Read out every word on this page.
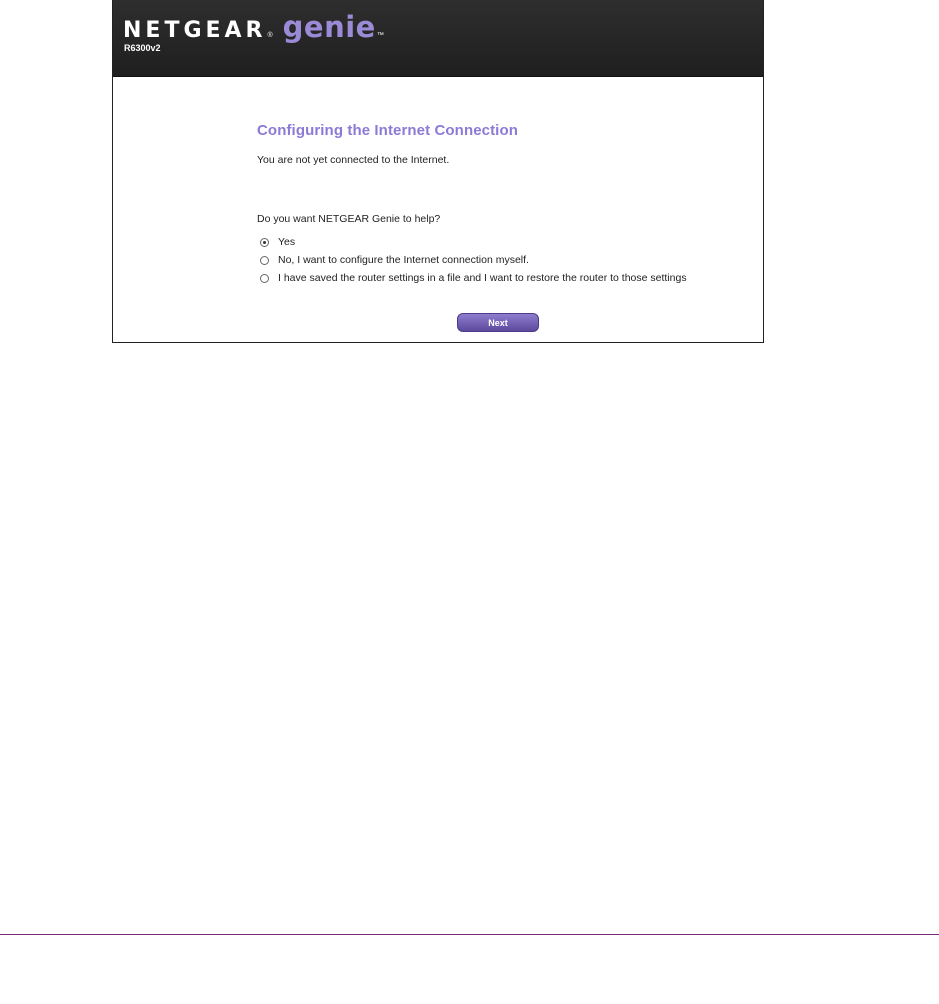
NETGEAR ® genie ™
R6300v2
Configuring the Internet Connection
You are not yet connected to the Internet.
Do you want NETGEAR Genie to help?
Yes
No, I want to configure the Internet connection myself.
I have saved the router settings in a file and I want to restore the router to those settings
Next
